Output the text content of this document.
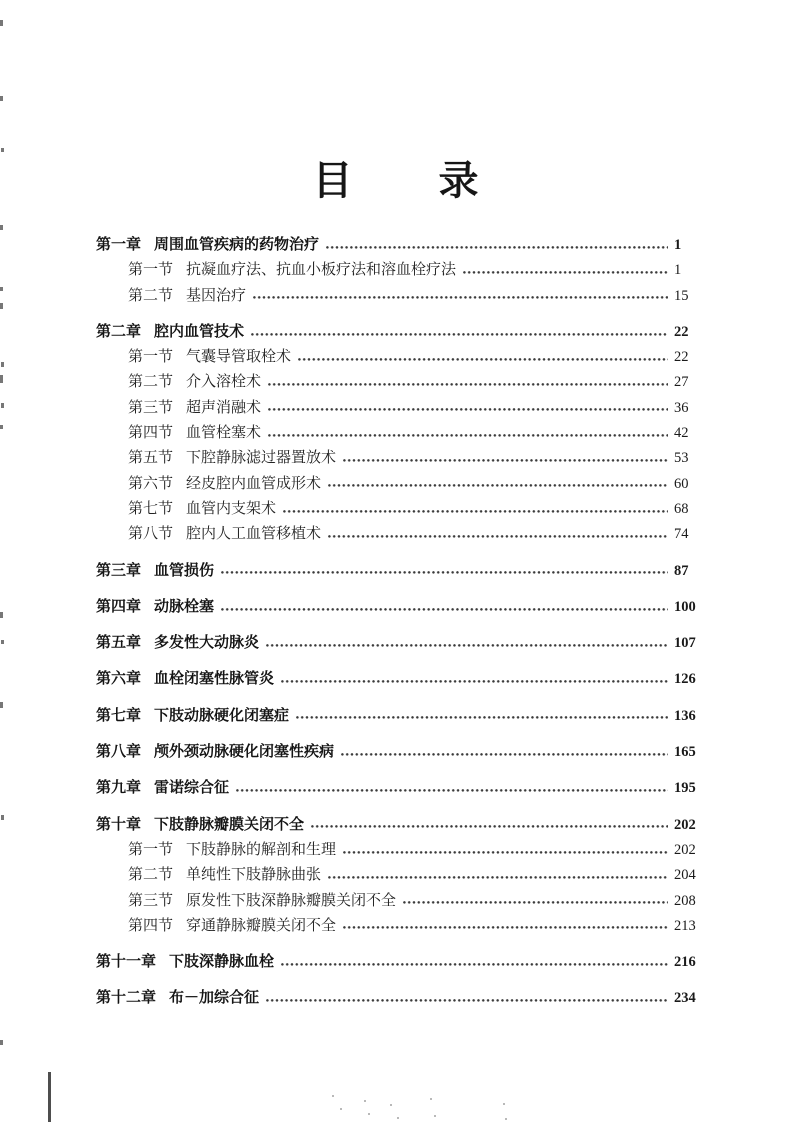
目　　录
第一章 周围血管疾病的药物治疗	1
第一节 抗凝血疗法、抗血小板疗法和溶血栓疗法	1
第二节 基因治疗	15
第二章 腔内血管技术	22
第一节 气囊导管取栓术	22
第二节 介入溶栓术	27
第三节 超声消融术	36
第四节 血管栓塞术	42
第五节 下腔静脉滤过器置放术	53
第六节 经皮腔内血管成形术	60
第七节 血管内支架术	68
第八节 腔内人工血管移植术	74
第三章 血管损伤	87
第四章 动脉栓塞	100
第五章 多发性大动脉炎	107
第六章 血栓闭塞性脉管炎	126
第七章 下肢动脉硬化闭塞症	136
第八章 颅外颈动脉硬化闭塞性疾病	165
第九章 雷诺综合征	195
第十章 下肢静脉瓣膜关闭不全	202
第一节 下肢静脉的解剖和生理	202
第二节 单纯性下肢静脉曲张	204
第三节 原发性下肢深静脉瓣膜关闭不全	208
第四节 穿通静脉瓣膜关闭不全	213
第十一章 下肢深静脉血栓	216
第十二章 布－加综合征	234
